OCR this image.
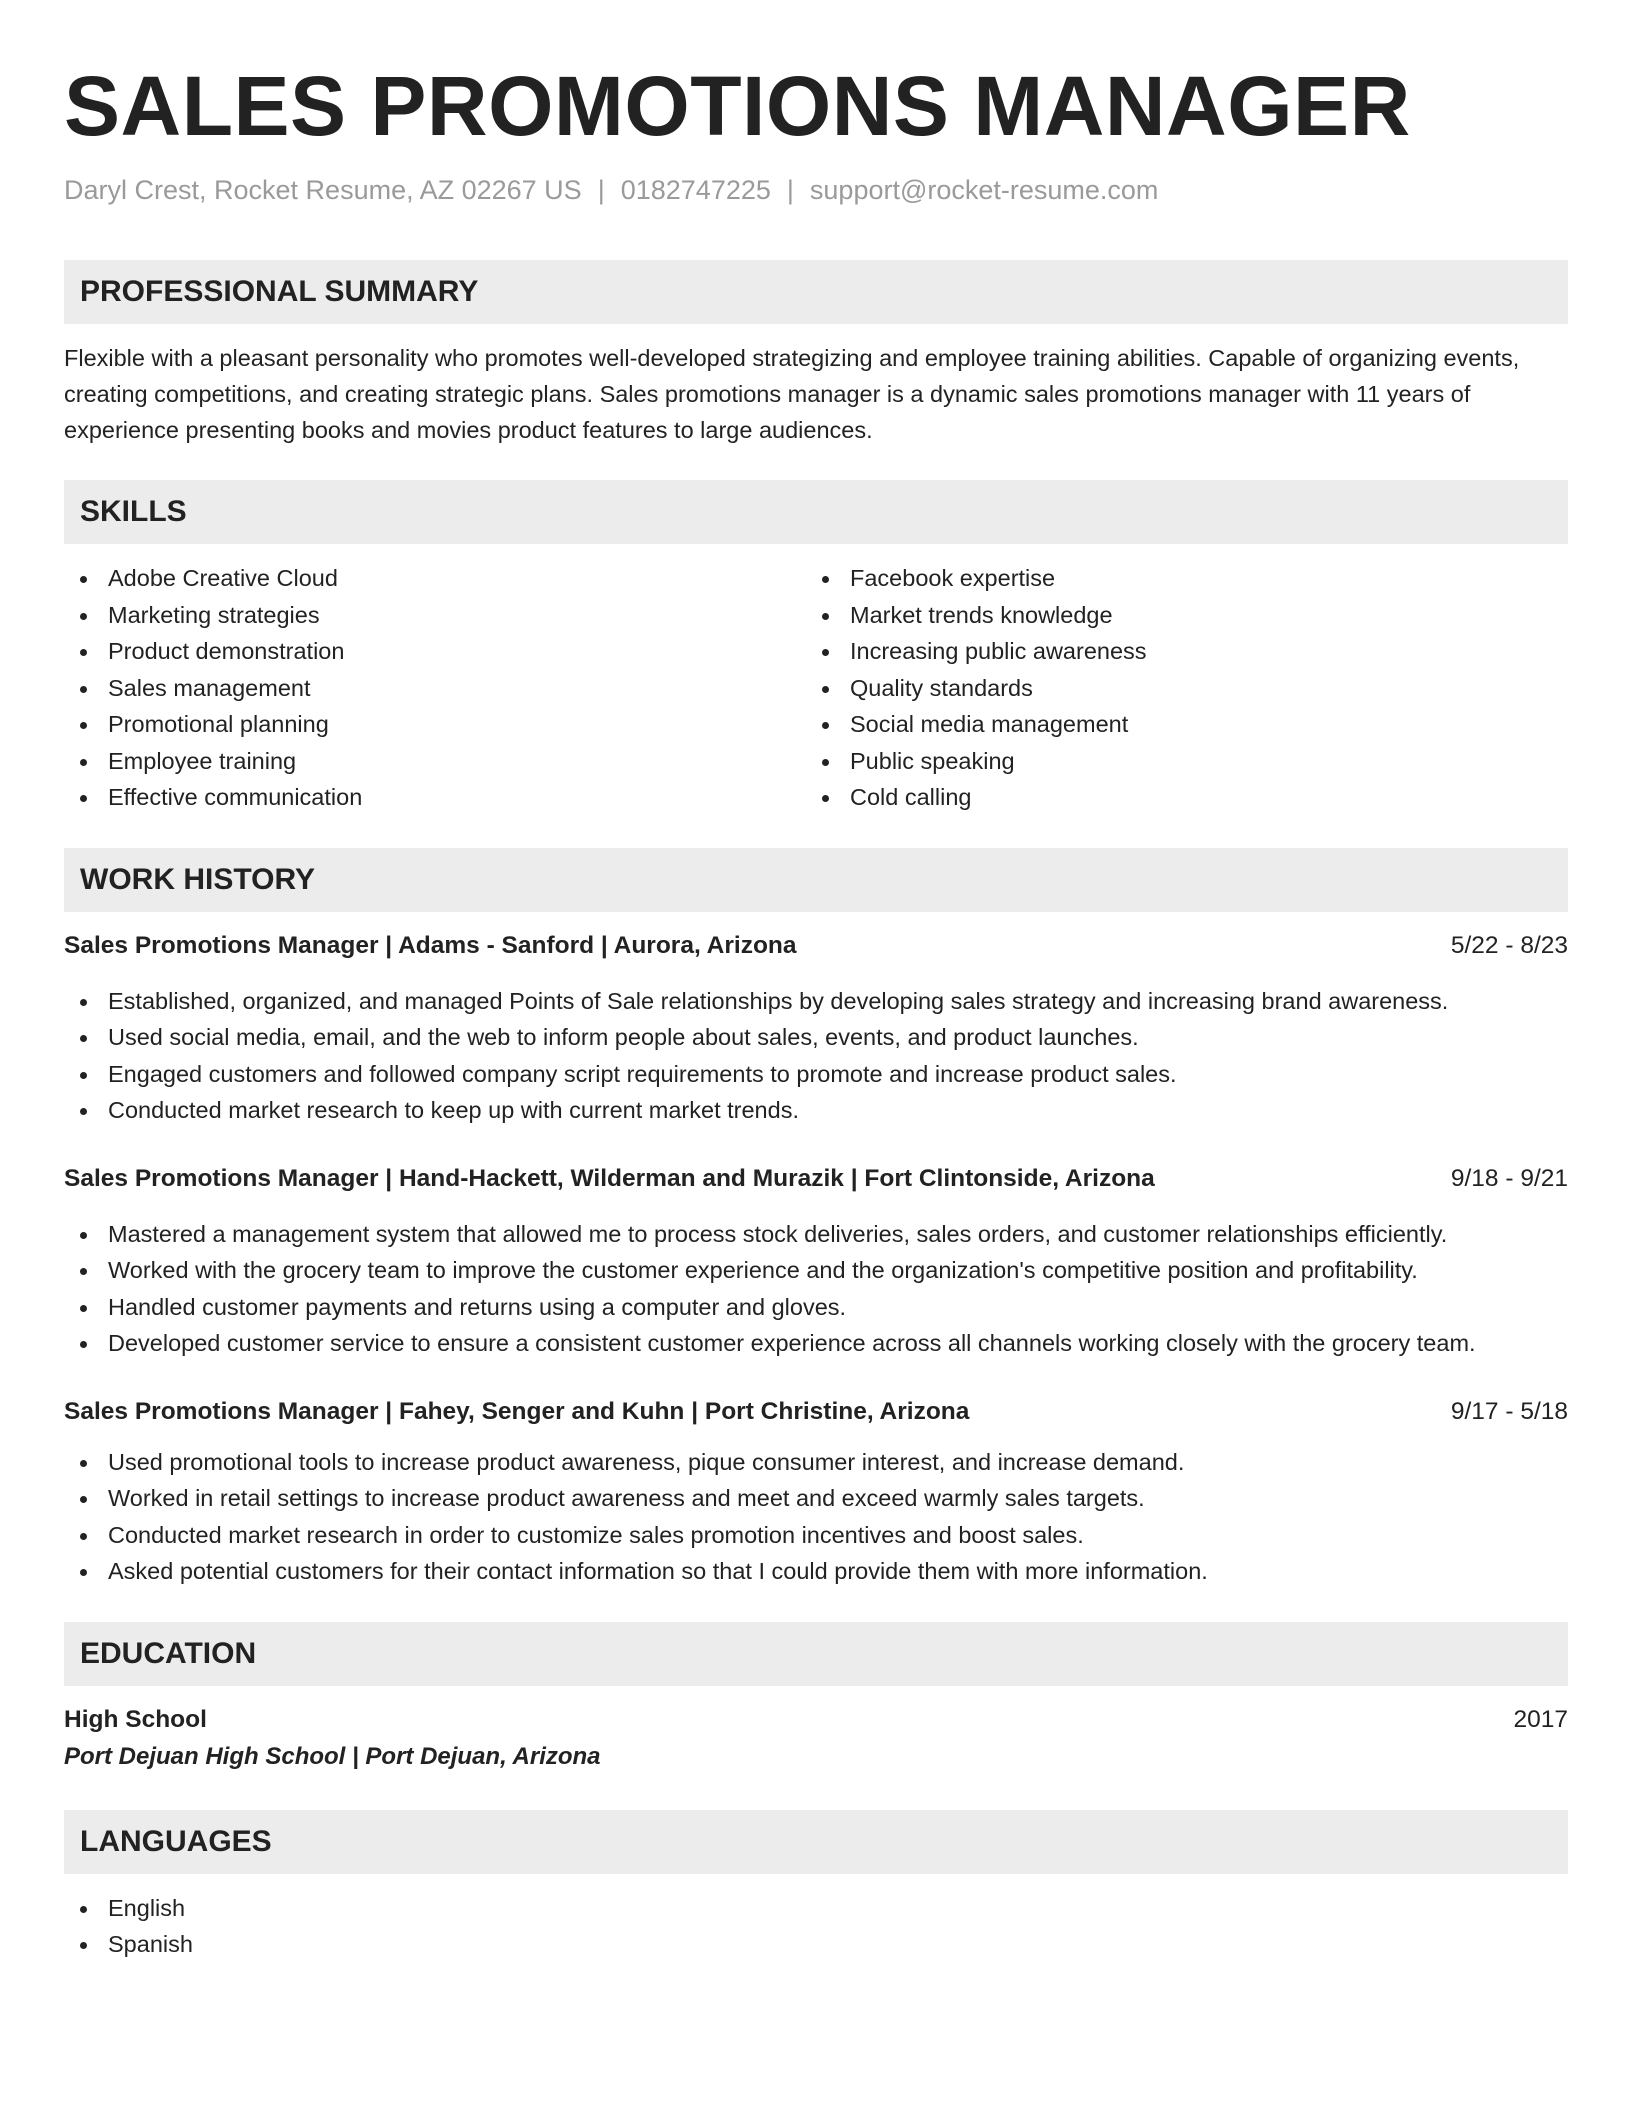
SALES PROMOTIONS MANAGER
Daryl Crest, Rocket Resume, AZ 02267 US | 0182747225 | support@rocket-resume.com
PROFESSIONAL SUMMARY
Flexible with a pleasant personality who promotes well-developed strategizing and employee training abilities. Capable of organizing events, creating competitions, and creating strategic plans. Sales promotions manager is a dynamic sales promotions manager with 11 years of experience presenting books and movies product features to large audiences.
SKILLS
Adobe Creative Cloud
Marketing strategies
Product demonstration
Sales management
Promotional planning
Employee training
Effective communication
Facebook expertise
Market trends knowledge
Increasing public awareness
Quality standards
Social media management
Public speaking
Cold calling
WORK HISTORY
Sales Promotions Manager | Adams - Sanford | Aurora, Arizona	5/22 - 8/23
Established, organized, and managed Points of Sale relationships by developing sales strategy and increasing brand awareness.
Used social media, email, and the web to inform people about sales, events, and product launches.
Engaged customers and followed company script requirements to promote and increase product sales.
Conducted market research to keep up with current market trends.
Sales Promotions Manager | Hand-Hackett, Wilderman and Murazik | Fort Clintonside, Arizona	9/18 - 9/21
Mastered a management system that allowed me to process stock deliveries, sales orders, and customer relationships efficiently.
Worked with the grocery team to improve the customer experience and the organization's competitive position and profitability.
Handled customer payments and returns using a computer and gloves.
Developed customer service to ensure a consistent customer experience across all channels working closely with the grocery team.
Sales Promotions Manager | Fahey, Senger and Kuhn | Port Christine, Arizona	9/17 - 5/18
Used promotional tools to increase product awareness, pique consumer interest, and increase demand.
Worked in retail settings to increase product awareness and meet and exceed warmly sales targets.
Conducted market research in order to customize sales promotion incentives and boost sales.
Asked potential customers for their contact information so that I could provide them with more information.
EDUCATION
High School	2017
Port Dejuan High School | Port Dejuan, Arizona
LANGUAGES
English
Spanish
